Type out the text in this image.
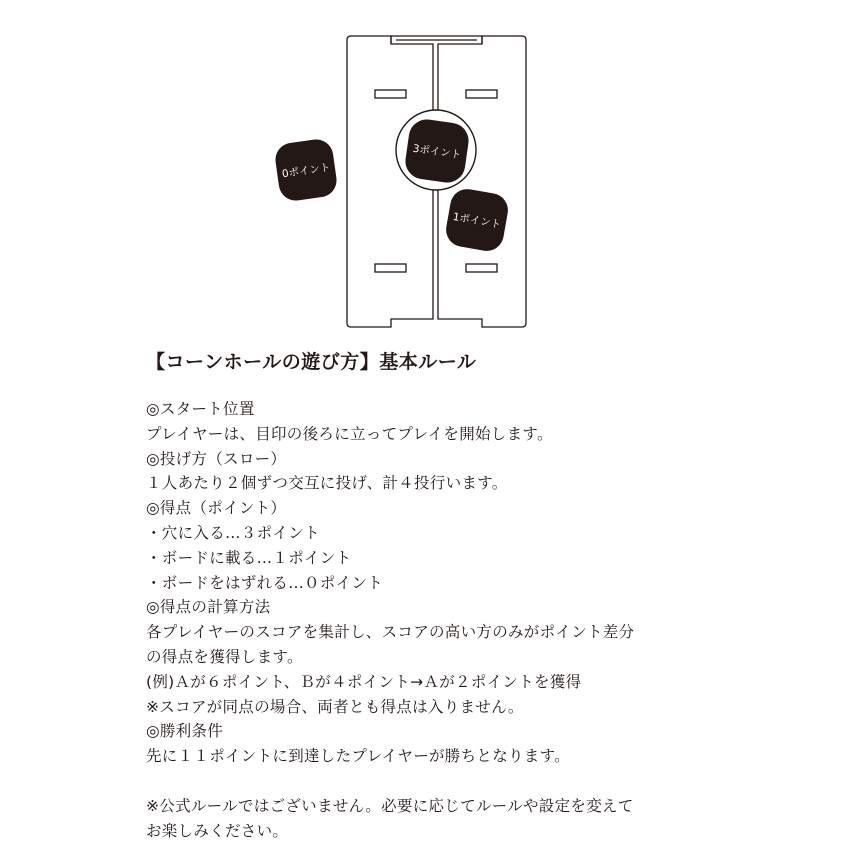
0ポイント
3ポイント
1ポイント
【コーンホールの遊び方】基本ルール
◎スタート位置
プレイヤーは、目印の後ろに立ってプレイを開始します。
◎投げ方（スロー）
１人あたり２個ずつ交互に投げ、計４投行います。
◎得点（ポイント）
・穴に入る…３ポイント
・ボードに載る…１ポイント
・ボードをはずれる…０ポイント
◎得点の計算方法
各プレイヤーのスコアを集計し、スコアの高い方のみがポイント差分
の得点を獲得します。
(例)Ａが６ポイント、Ｂが４ポイント→Ａが２ポイントを獲得
※スコアが同点の場合、両者とも得点は入りません。
◎勝利条件
先に１１ポイントに到達したプレイヤーが勝ちとなります。
※公式ルールではございません。必要に応じてルールや設定を変えて
お楽しみください。
